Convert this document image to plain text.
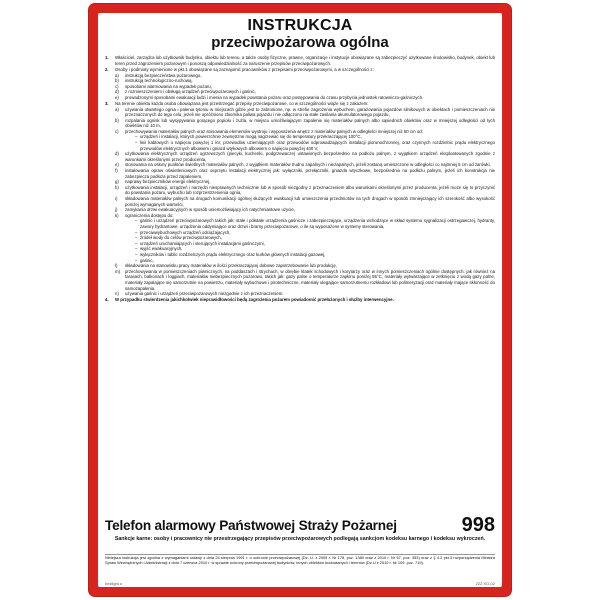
INSTRUKCJA
przeciwpożarowa ogólna
1.	Właściciel, zarządca lub użytkownik budynku, obiektu lub terenu, a także osoby fizyczne, prawne, organizacje i instytucje obowiązane są zabezpieczyć użytkowane środowisko, budynek, obiekt lub teren przed zagrożeniem pożarowym i ponoszą odpowiedzialność za naruszenie przepisów przeciwpożarowych.
2.	Osoby i podmioty wymienione w pkt.1 obowiązane są zaznajomić pracowników z przepisami przeciwpożarowymi, a w szczególności z:
a)	instrukcją bezpieczeństwa pożarowego,
b)	instrukcją technologiczno-ruchową,
c)	sposobami alarmowania na wypadek pożaru,
d)	z rozmieszczeniem i obsługą urządzeń przeciwpożarowych i gaśnic,
e)	prowadzonymi sposobami ewakuacji ludzi i mienia na wypadek powstania pożaru oraz postępowania do czasu przybycia jednostek ratowniczo-gaśniczych.
3.	Na terenie obiektu każda osoba obowiązana jest przestrzegać przepisy przeciwpożarowe, co w szczególności wiąże się z zakazem:
a)	używania otwartego ognia i palenia tytoniu w miejscach gdzie jest to zabronione, np. w strefie zagrożenia wybuchem, garażowania pojazdów silnikowych w obiektach i pomieszczeniach nie przeznaczonych do tego celu, jeżeli nie opróżniono zbiornika paliwa pojazdu i nie odłączono na stałe zasilania akumulatorowego pojazdu,
b)	rozpalania ognisk lub wysypywania gorącego popiołu i żużla, w miejscu umożliwiającym zapalenie się materiałów palnych albo sąsiednich obiektów oraz w mniejszej odległości od tych obiektów niż 10 m,
c)	przechowywania materiałów palnych oraz stosowania elementów wystroju i wyposażenia wnętrz z materiałów palnych w odległości mniejszej niż 50 cm od:
– urządzeń i instalacji, których powierzchnie zewnętrzne mogą nagrzewać się do temperatury przekraczającej 100°C,
– linii kablowych o napięciu powyżej 1 kV, przewodów uziemiających oraz przewodów odprowadzających instalacji piorunochronnej, oraz czynnych rozdzielnic prądu elektrycznego przewodów elektrycznych albowiem i gniazd wtykowych albowiem o napięciu powyżej 400 V,
d)	użytkowania elektrycznych urządzeń ogrzewczych (piecyki, kuchenki, podgrzewacze) ustawionych bezpośrednio na podłożu palnym, z wyjątkiem urządzeń eksploatowanych zgodnie z warunkami określonymi przez producenta,
e)	stosowania na osłony punktów świetlnych materiałów palnych, z wyjątkiem materiałów trudno zapalnych i niezapalnych, jeżeli zostaną umieszczone w odległości co najmniej 5 cm od żarówki,
f)	instalowania opraw oświetleniowych oraz osprzętu instalacji elektrycznej jak: wyłączniki, przełączniki, gniazda wtyczkowe, bezpośrednio na podłożu palnym, jeżeli ich konstrukcja nie zabezpiecza podłoża przed zapaleniem,
g)	naprawy bezpieczników energii elektrycznej,
h)	użytkowania instalacji, urządzeń i narzędzi niesprawnych technicznie lub w sposób niezgodny z przeznaczeniem albo warunkami określonymi przez producenta, jeżeli może się to przyczynić do powstania pożaru, wybuchu lub rozprzestrzenienia ognia,
i)	składowania materiałów palnych na drogach komunikacji ogólnej służących ewakuacji lub umieszczenia przedmiotów na tych drogach w sposób zmniejszający ich szerokość albo wysokość poniżej wymaganych wartości,
j)	zamykania drzwi ewakuacyjnych w sposób uniemożliwiający ich natychmiastowe użycie,
k)	ograniczenia dostępu do:
– gaśnic i urządzeń przeciwpożarowych takich jak: stałe i półstałe urządzenia gaśnicze i zabezpieczające, urządzenia wchodzące w skład systemu sygnalizacji ostrzegawczej, hydranty, zawory hydrantowe, urządzenia oddymiające oraz drzwi i bramy przeciwpożarowe, o ile są wyposażone w systemy sterowania,
– przeciwwybuchowych urządzeń odciążających,
– źródeł wody do celów przeciwpożarowych,
– urządzeń uruchamiających i sterujących instalacjami gaśniczymi,
– wyjść ewakuacyjnych,
– wyłączników i tablic rozdzielczych prądu elektrycznego oraz kurków głównych instalacji gazowej,
– gaśnic,
l)	składowania na stanowisku pracy materiałów w ilości przekraczającej dobowe zapotrzebowanie lub produkcję,
m)	przechowywania w pomieszczeniach piwnicznych, na poddaszach i strychach, w obrębie klatek schodowych i korytarzy oraz w innych pomieszczeniach ogólnie dostępnych, jak również na tarasach, balkonach i loggiach, materiałów niebezpiecznych pożarowo, takich jak: gazy palne o temperaturze zapłonu poniżej 55°C, materiały wytwarzające w zetknięciu z wodą gazy palne, materiały zapalające się samorzutnie na powietrzu, materiały wybuchowe i pirotechniczne, materiały ulegające samorzutnemu rozkładowi lub polimeryzacji oraz materiały mające skłonność do samozapalenia,
n)	używania gaśnic i urządzeń przeciwpożarowych niezgodnie z ich przeznaczeniem.
4.	W przypadku stwierdzenia jakichkolwiek nieprawidłowości będą zagrożenia pożarem powiadomić przełożonych i służby interwencyjne.
Telefon alarmowy Państwowej Straży Pożarnej	998
Sankcje karne: osoby i pracownicy nie przestrzegający przepisów przeciwpożarowych podlegają sankcjom kodeksu karnego i kodeksu wykroczeń.
Niniejsza instrukcja jest zgodna z wymaganiami ustawy z dnia 24 sierpnia 1991 r. o ochronie przeciwpożarowej (Dz. U. z 2009 r. Nr 178, poz. 1380 oraz z 2010 r. Nr 57, poz. 353) oraz z § 4.2 pkt.3 rozporządzenia Ministra Spraw Wewnętrznych i Administracji z dnia 7 czerwca 2010 r. w sprawie ochrony przeciwpożarowej budynków, innych obiektów budowlanych i terenów (Dz.U z 2010 r. Nr 109, poz. 719).
bezlight.o	222 XO-02
